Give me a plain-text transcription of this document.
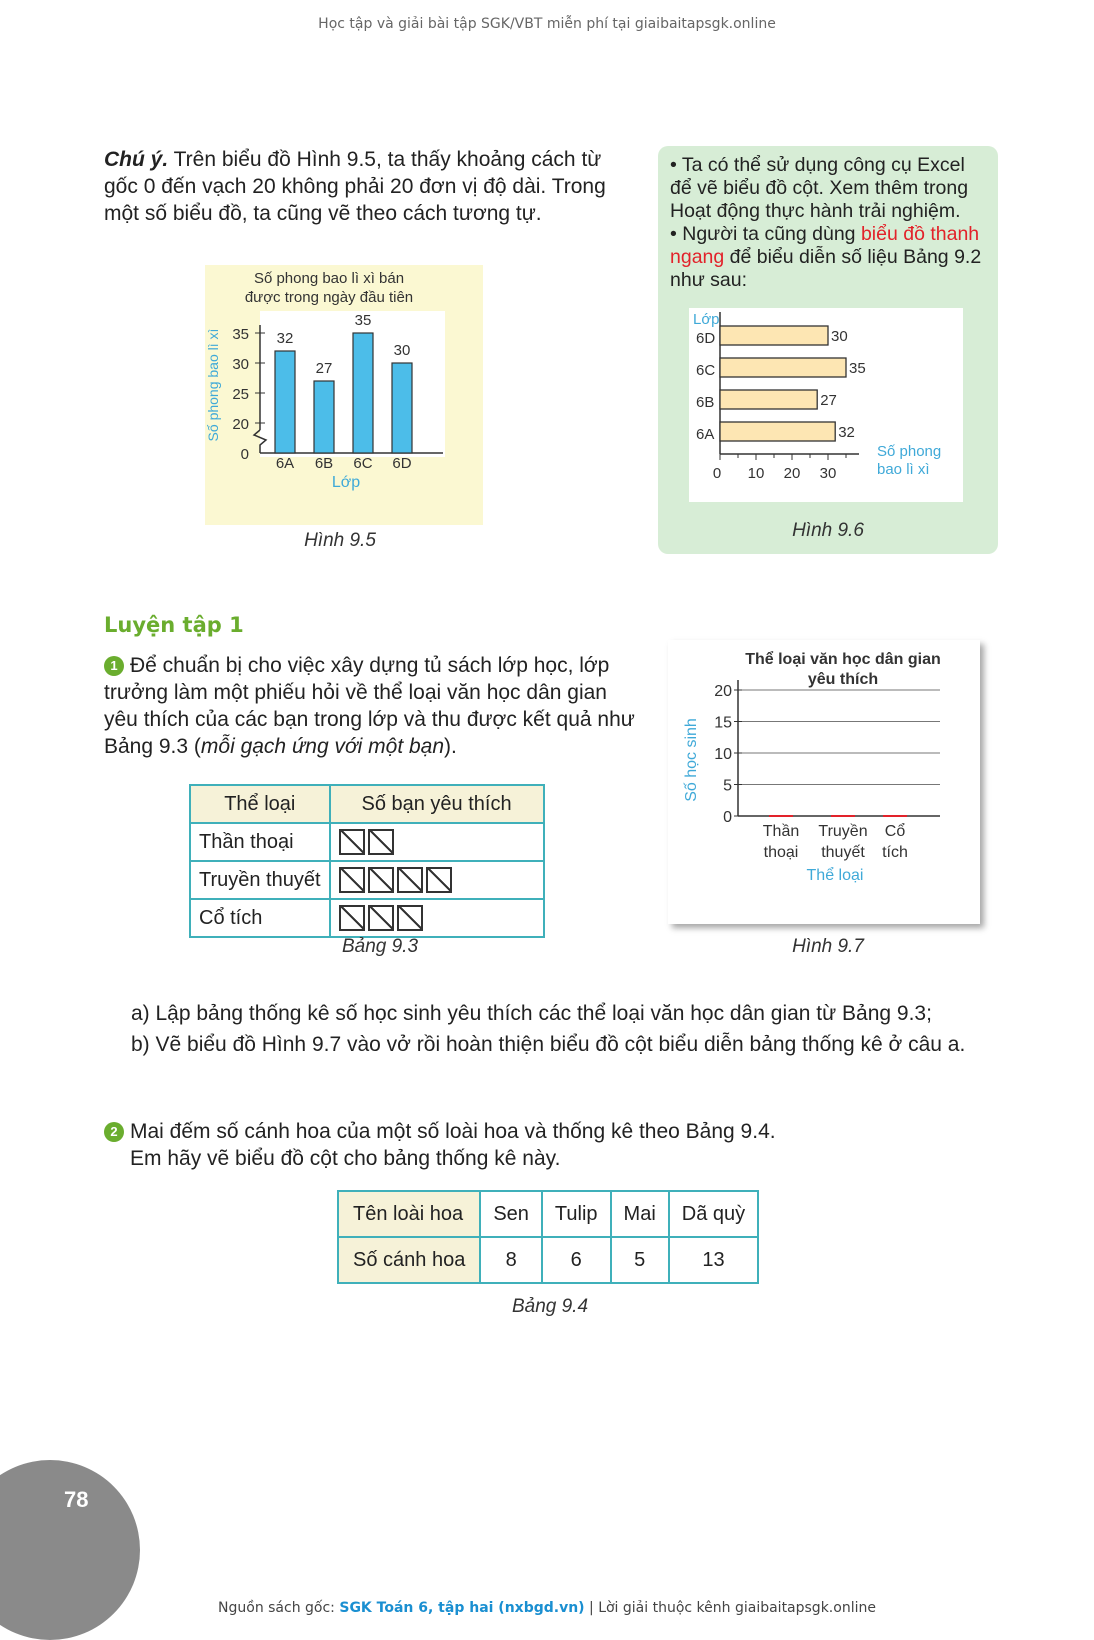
Học tập và giải bài tập SGK/VBT miễn phí tại giaibaitapsgk.online
Chú ý. Trên biểu đồ Hình 9.5, ta thấy khoảng cách từ gốc 0 đến vạch 20 không phải 20 đơn vị độ dài. Trong một số biểu đồ, ta cũng vẽ theo cách tương tự.
Số phong bao lì xì bán
được trong ngày đầu tiên
20
25
30
35
0
Số phong bao lì xì	32
6A
27
6B
35
6C
30
6D
Lớp
Hình 9.5
• Ta có thể sử dụng công cụ Excel để vẽ biểu đồ cột. Xem thêm trong Hoạt động thực hành trải nghiệm.
• Người ta cũng dùng biểu đồ thanh ngang để biểu diễn số liệu Bảng 9.2 như sau:
Lớp
0 10 20 30
30
6D
35
6C
27
6B
32
6A
Số phong
bao lì xì
Hình 9.6
Luyện tập 1
1 Để chuẩn bị cho việc xây dựng tủ sách lớp học, lớp trưởng làm một phiếu hỏi về thể loại văn học dân gian yêu thích của các bạn trong lớp và thu được kết quả như Bảng 9.3 (mỗi gạch ứng với một bạn).
Thể loại	Số bạn yêu thích
Thần thoại	
Truyền thuyết	
Cổ tích	
Bảng 9.3
Thể loại văn học dân gian
yêu thích
0
5
10
15
20
Số học sinh
Thần
thoại
Truyền
thuyết
Cổ
tích
Thể loại
Hình 9.7
a) Lập bảng thống kê số học sinh yêu thích các thể loại văn học dân gian từ Bảng 9.3;
b) Vẽ biểu đồ Hình 9.7 vào vở rồi hoàn thiện biểu đồ cột biểu diễn bảng thống kê ở câu a.
2 Mai đếm số cánh hoa của một số loài hoa và thống kê theo Bảng 9.4.
Em hãy vẽ biểu đồ cột cho bảng thống kê này.
Tên loài hoa	Sen	Tulip	Mai	Dã quỳ
Số cánh hoa	8	6	5	13
Bảng 9.4
78
Nguồn sách gốc: SGK Toán 6, tập hai (nxbgd.vn) | Lời giải thuộc kênh giaibaitapsgk.online
